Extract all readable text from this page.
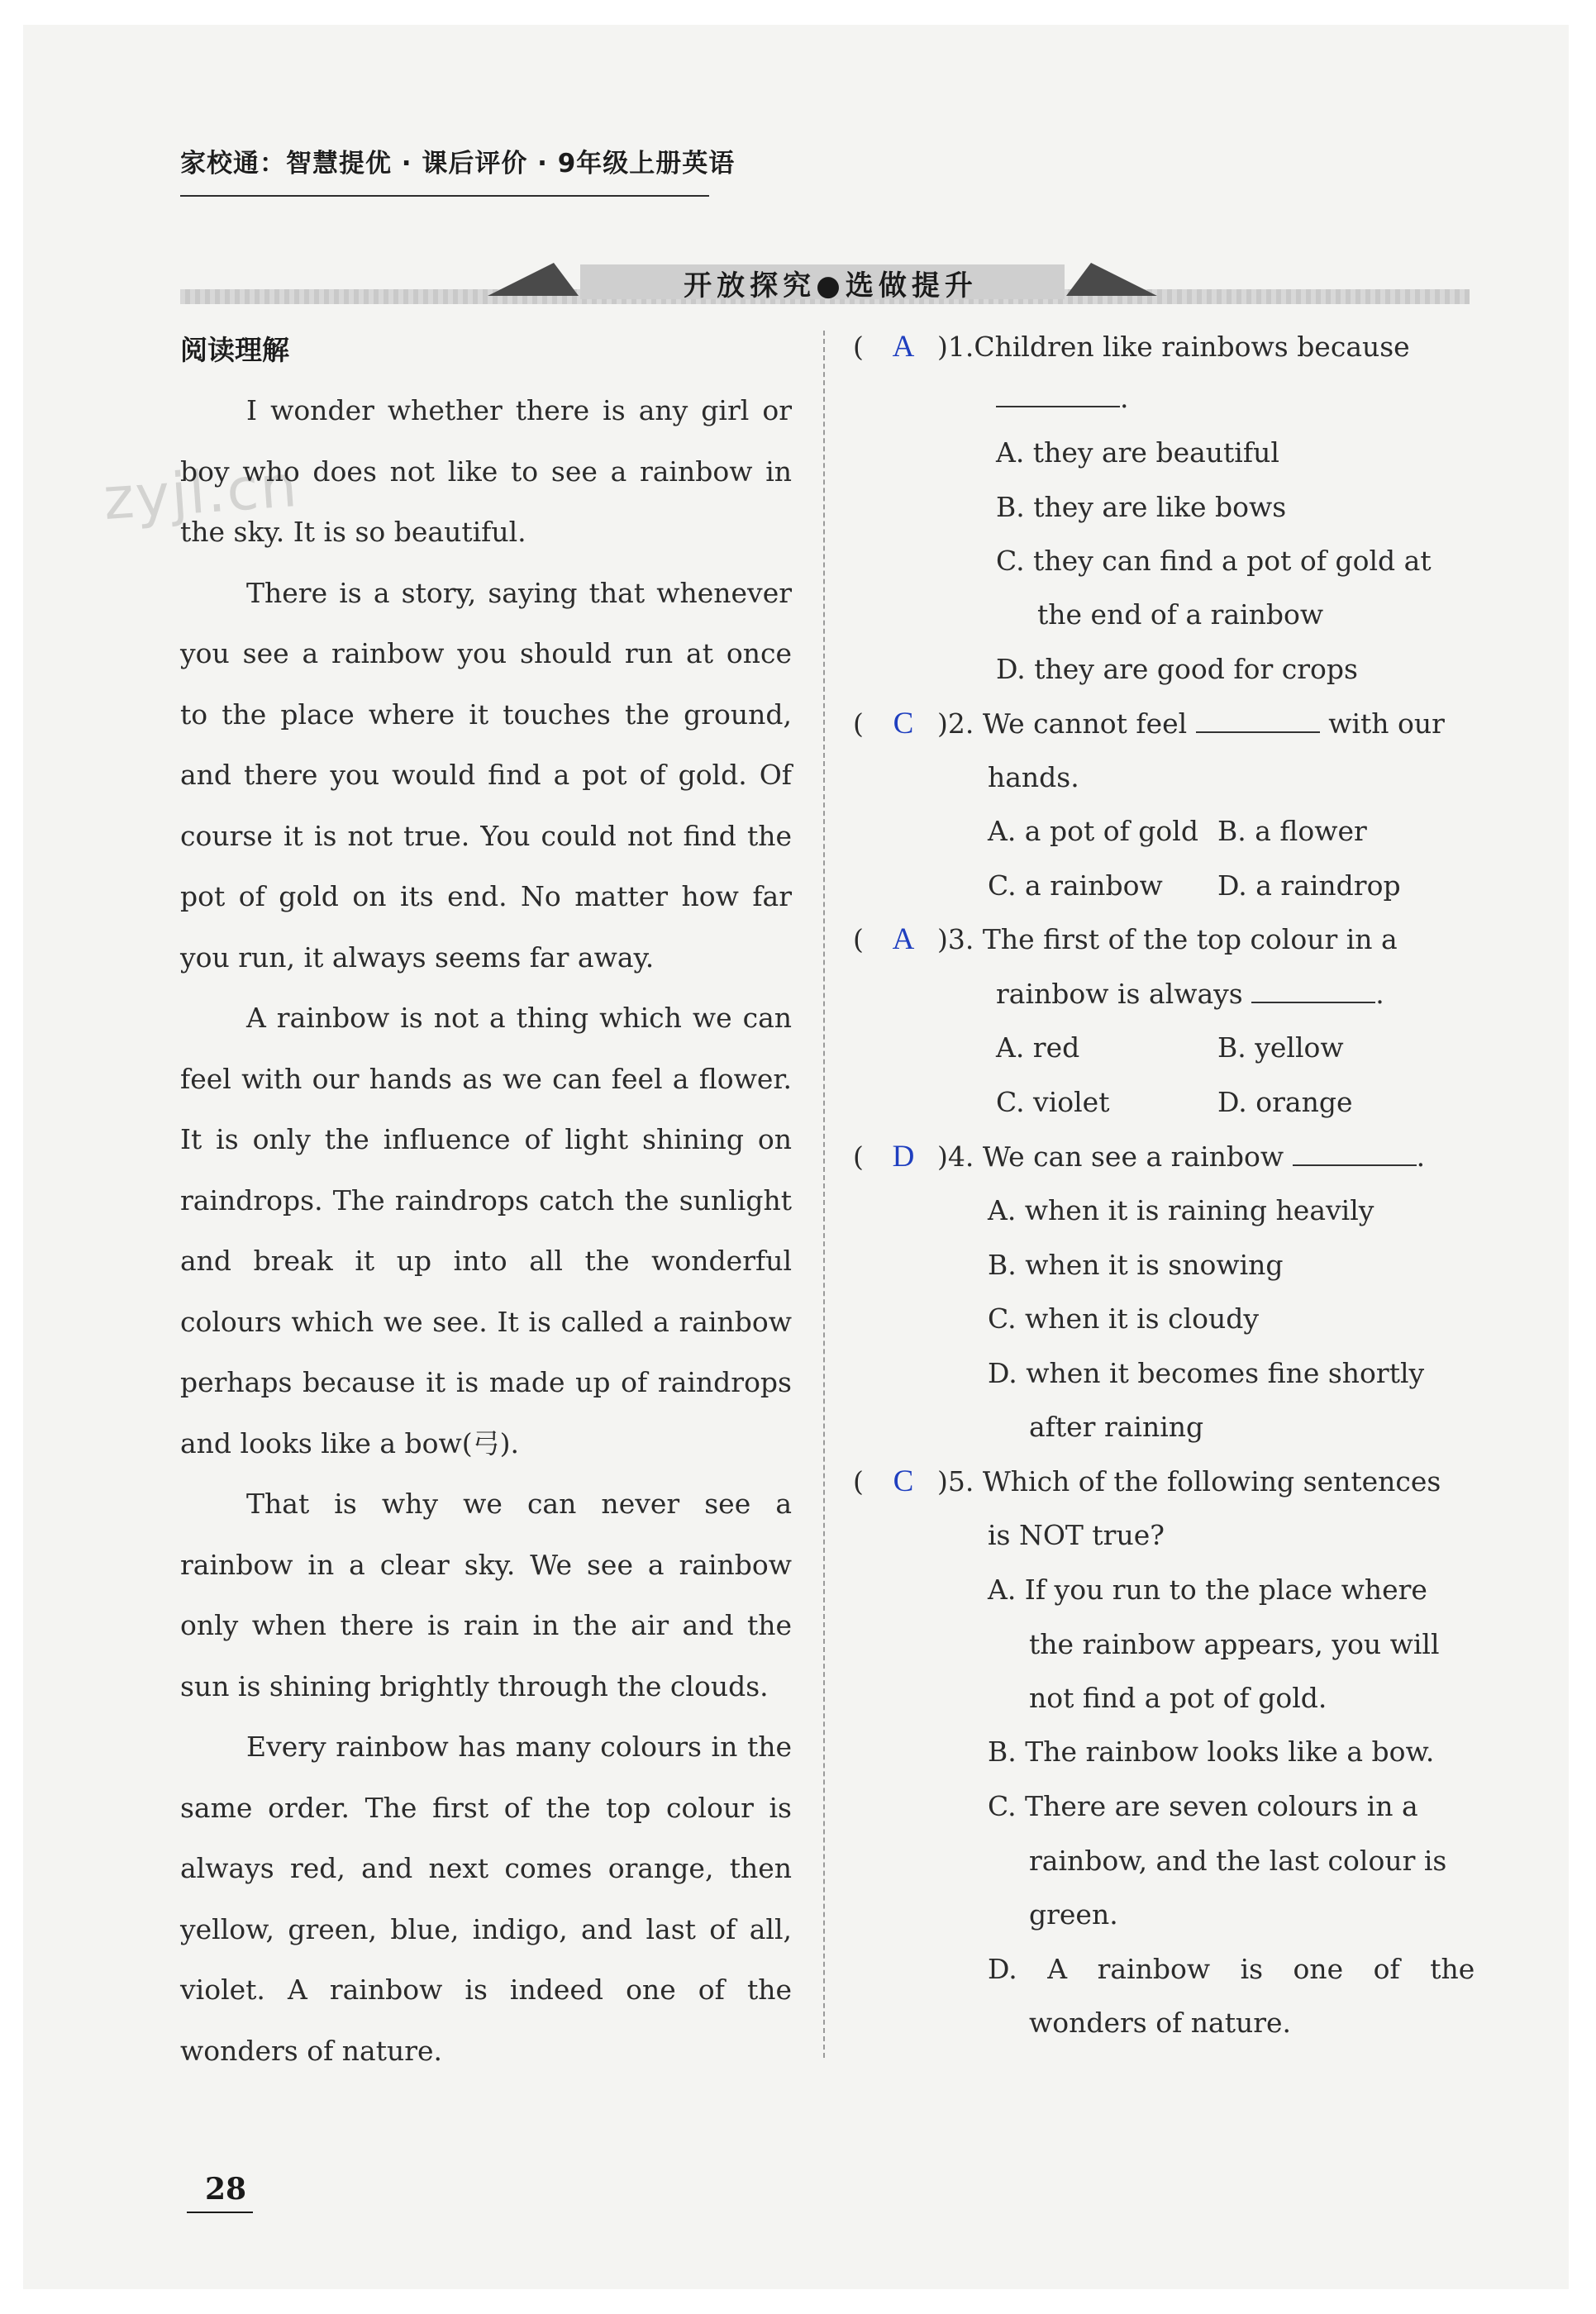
家校通：智慧提优 · 课后评价 · 9年级上册英语
开放探究●选做提升
zyjl.cn
阅读理解

I wonder whether there is any girl or boy who does not like to see a rainbow in the sky. It is so beautiful.

There is a story, saying that whenever you see a rainbow you should run at once to the place where it touches the ground, and there you would find a pot of gold. Of course it is not true. You could not find the pot of gold on its end. No matter how far you run, it always seems far away.

A rainbow is not a thing which we can feel with our hands as we can feel a flower. It is only the influence of light shining on raindrops. The raindrops catch the sunlight and break it up into all the wonderful colours which we see. It is called a rainbow perhaps because it is made up of raindrops and looks like a bow(弓).

That is why we can never see a rainbow in a clear sky. We see a rainbow only when there is rain in the air and the sun is shining brightly through the clouds.

Every rainbow has many colours in the same order. The first of the top colour is always red, and next comes orange, then yellow, green, blue, indigo, and last of all, violet. A rainbow is indeed one of the wonders of nature.

( A )1.Children like rainbows because
.
A. they are beautiful
B. they are like bows
C. they can find a pot of gold at
the end of a rainbow
D. they are good for crops
( C )2. We cannot feel	with our
hands.
A. a pot of gold B. a flower
C. a rainbow D. a raindrop
( A )3. The first of the top colour in a
rainbow is always	.
A. red	B. yellow
C. violet	D. orange
( D )4. We can see a rainbow	.
A. when it is raining heavily
B. when it is snowing
C. when it is cloudy
D. when it becomes fine shortly
after raining
( C )5. Which of the following sentences
is NOT true?
A. If you run to the place where
the rainbow appears, you will
not find a pot of gold.
B. The rainbow looks like a bow.
C. There are seven colours in a
rainbow, and the last colour is
green.
D. A rainbow is one of the
wonders of nature.
28
